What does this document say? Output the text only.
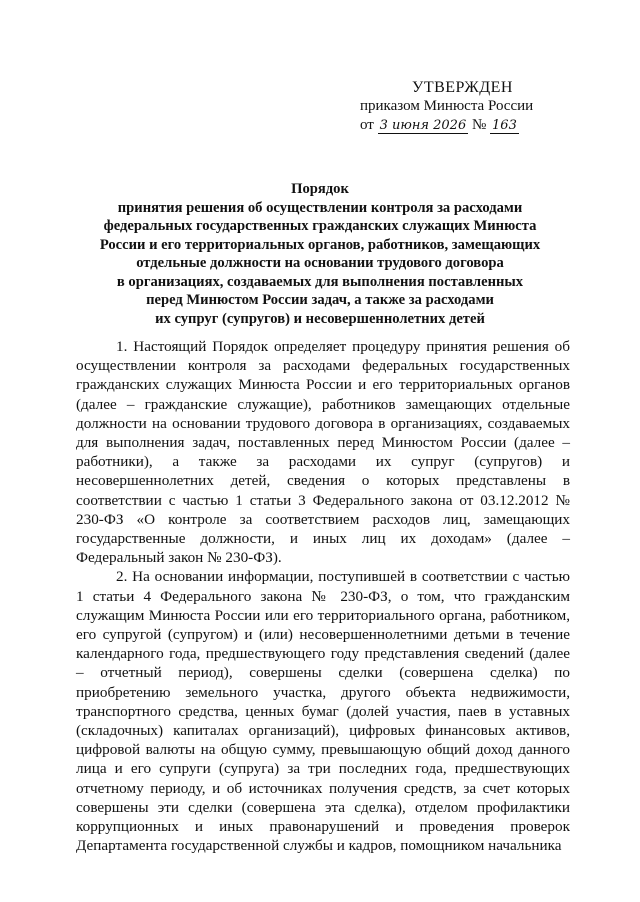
УТВЕРЖДЕН
приказом Минюста России
от 3 июня 2026 № 163
Порядок
принятия решения об осуществлении контроля за расходами
федеральных государственных гражданских служащих Минюста
России и его территориальных органов, работников, замещающих
отдельные должности на основании трудового договора
в организациях, создаваемых для выполнения поставленных
перед Минюстом России задач, а также за расходами
их супруг (супругов) и несовершеннолетних детей

1. Настоящий Порядок определяет процедуру принятия решения об осуществлении контроля за расходами федеральных государственных гражданских служащих Минюста России и его территориальных органов (далее – гражданские служащие), работников замещающих отдельные должности на основании трудового договора в организациях, создаваемых для выполнения задач, поставленных перед Минюстом России (далее – работники), а также за расходами их супруг (супругов) и несовершеннолетних детей, сведения о которых представлены в соответствии с частью 1 статьи 3 Федерального закона от 03.12.2012 № 230-ФЗ «О контроле за соответствием расходов лиц, замещающих государственные должности, и иных лиц их доходам» (далее – Федеральный закон № 230-ФЗ).

2. На основании информации, поступившей в соответствии с частью 1 статьи 4 Федерального закона № 230-ФЗ, о том, что гражданским служащим Минюста России или его территориального органа, работником, его супругой (супругом) и (или) несовершеннолетними детьми в течение календарного года, предшествующего году представления сведений (далее – отчетный период), совершены сделки (совершена сделка) по приобретению земельного участка, другого объекта недвижимости, транспортного средства, ценных бумаг (долей участия, паев в уставных (складочных) капиталах организаций), цифровых финансовых активов, цифровой валюты на общую сумму, превышающую общий доход данного лица и его супруги (супруга) за три последних года, предшествующих отчетному периоду, и об источниках получения средств, за счет которых совершены эти сделки (совершена эта сделка), отделом профилактики коррупционных и иных правонарушений и проведения проверок Департамента государственной службы и кадров, помощником начальника
